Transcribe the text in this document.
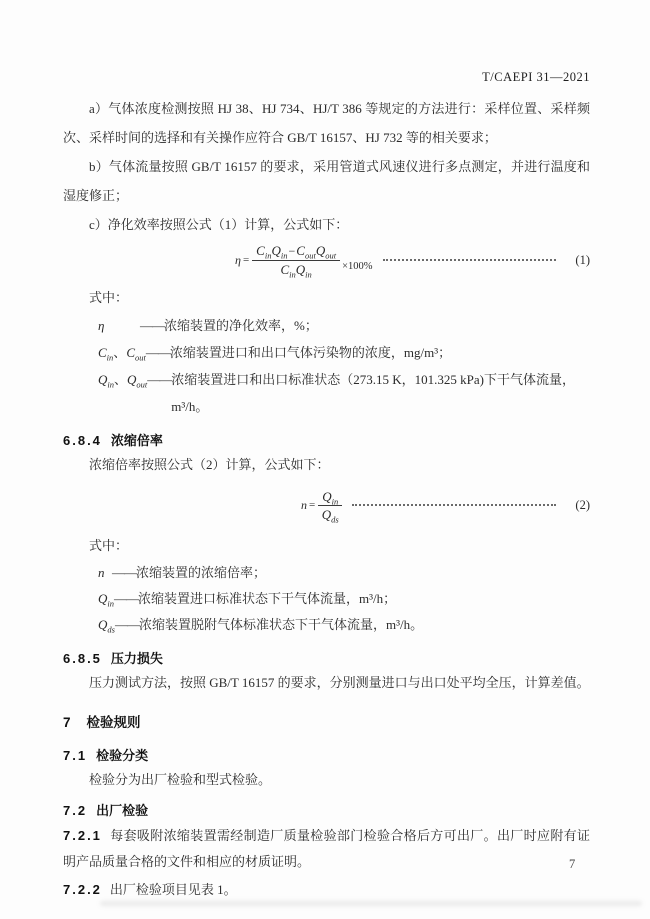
T/CAEPI 31—2021

a）气体浓度检测按照 HJ 38、HJ 734、HJ/T 386 等规定的方法进行：采样位置、采样频次、采样时间的选择和有关操作应符合 GB/T 16157、HJ 732 等的相关要求；

b）气体流量按照 GB/T 16157 的要求，采用管道式风速仪进行多点测定，并进行温度和湿度修正；

c）净化效率按照公式（1）计算，公式如下：

$\eta = \frac{C_{in}Q_{in}-C_{out}Q_{out}}{C_{in}Q_{in}} \times 100\%$	(1)

式中：

η	—— 浓缩装置的净化效率，%；
$C_{in}$、$C_{out}$ —— 浓缩装置进口和出口气体污染物的浓度，mg/m³；
$Q_{in}$、$Q_{out}$ —— 浓缩装置进口和出口标准状态（273.15 K，101.325 kPa)下干气体流量，m³/h。
6.8.4 浓缩倍率

浓缩倍率按照公式（2）计算，公式如下：

$n = \frac{Q_{in}}{Q_{ds}}$	(2)

式中：

n —— 浓缩装置的浓缩倍率；
$Q_{in}$ —— 浓缩装置进口标准状态下干气体流量，m³/h；
$Q_{ds}$ —— 浓缩装置脱附气体标准状态下干气体流量，m³/h。
6.8.5 压力损失

压力测试方法，按照 GB/T 16157 的要求，分别测量进口与出口处平均全压，计算差值。

7 检验规则
7.1 检验分类

检验分为出厂检验和型式检验。

7.2 出厂检验

7.2.1 每套吸附浓缩装置需经制造厂质量检验部门检验合格后方可出厂。出厂时应附有证明产品质量合格的文件和相应的材质证明。

7.2.2 出厂检验项目见表 1。

7
